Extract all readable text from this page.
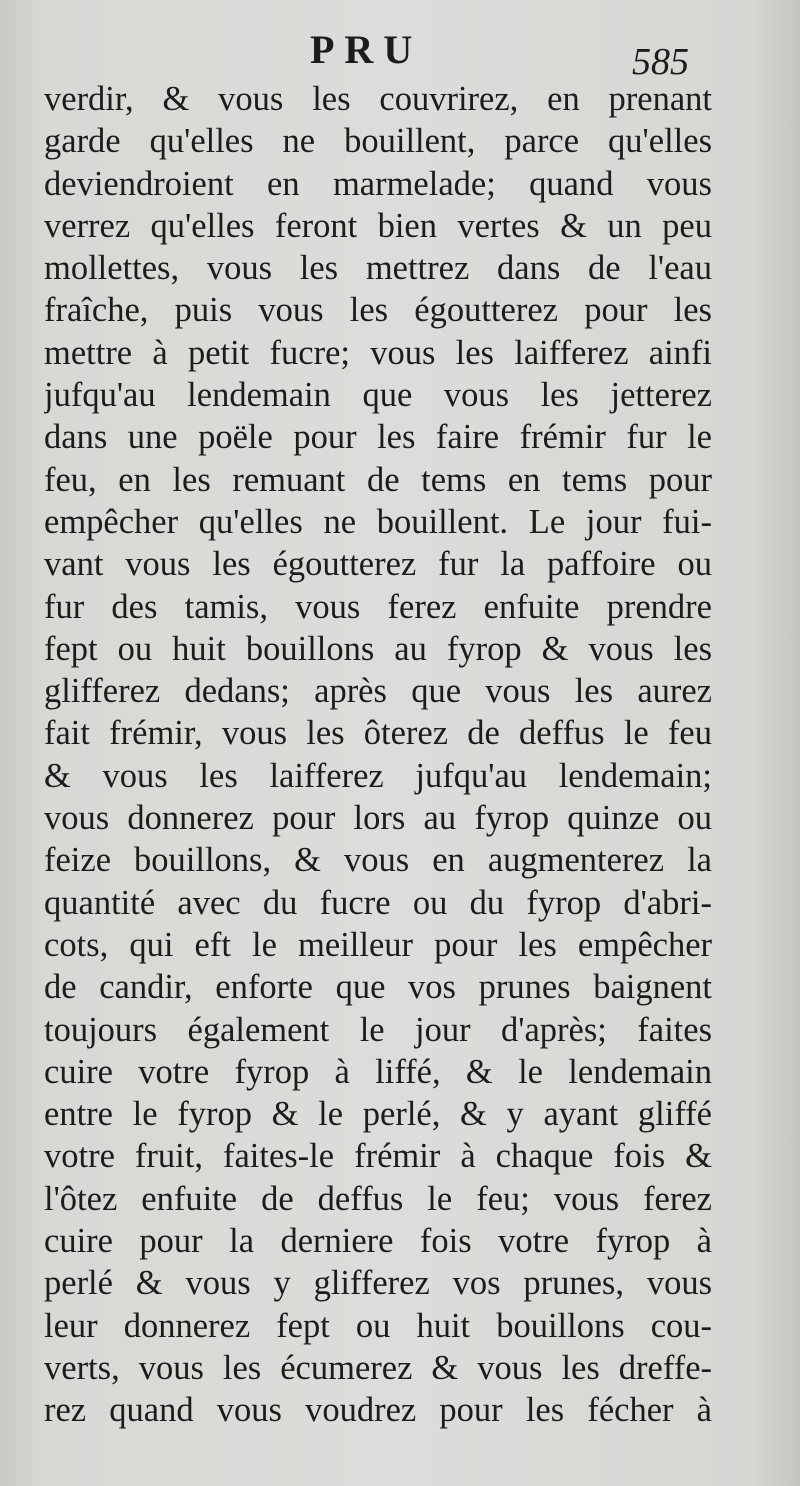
PRU	585
verdir, & vous les couvrirez, en prenant
garde qu'elles ne bouillent, parce qu'elles
deviendroient en marmelade; quand vous
verrez qu'elles feront bien vertes & un peu
mollettes, vous les mettrez dans de l'eau
fraîche, puis vous les égoutterez pour les
mettre à petit fucre; vous les laifferez ainfi
jufqu'au lendemain que vous les jetterez
dans une poële pour les faire frémir fur le
feu, en les remuant de tems en tems pour
empêcher qu'elles ne bouillent. Le jour fui-
vant vous les égoutterez fur la paffoire ou
fur des tamis, vous ferez enfuite prendre
fept ou huit bouillons au fyrop & vous les
glifferez dedans; après que vous les aurez
fait frémir, vous les ôterez de deffus le feu
& vous les laifferez jufqu'au lendemain;
vous donnerez pour lors au fyrop quinze ou
feize bouillons, & vous en augmenterez la
quantité avec du fucre ou du fyrop d'abri-
cots, qui eft le meilleur pour les empêcher
de candir, enforte que vos prunes baignent
toujours également le jour d'après; faites
cuire votre fyrop à liffé, & le lendemain
entre le fyrop & le perlé, & y ayant gliffé
votre fruit, faites-le frémir à chaque fois &
l'ôtez enfuite de deffus le feu; vous ferez
cuire pour la derniere fois votre fyrop à
perlé & vous y glifferez vos prunes, vous
leur donnerez fept ou huit bouillons cou-
verts, vous les écumerez & vous les dreffe-
rez quand vous voudrez pour les fécher à
